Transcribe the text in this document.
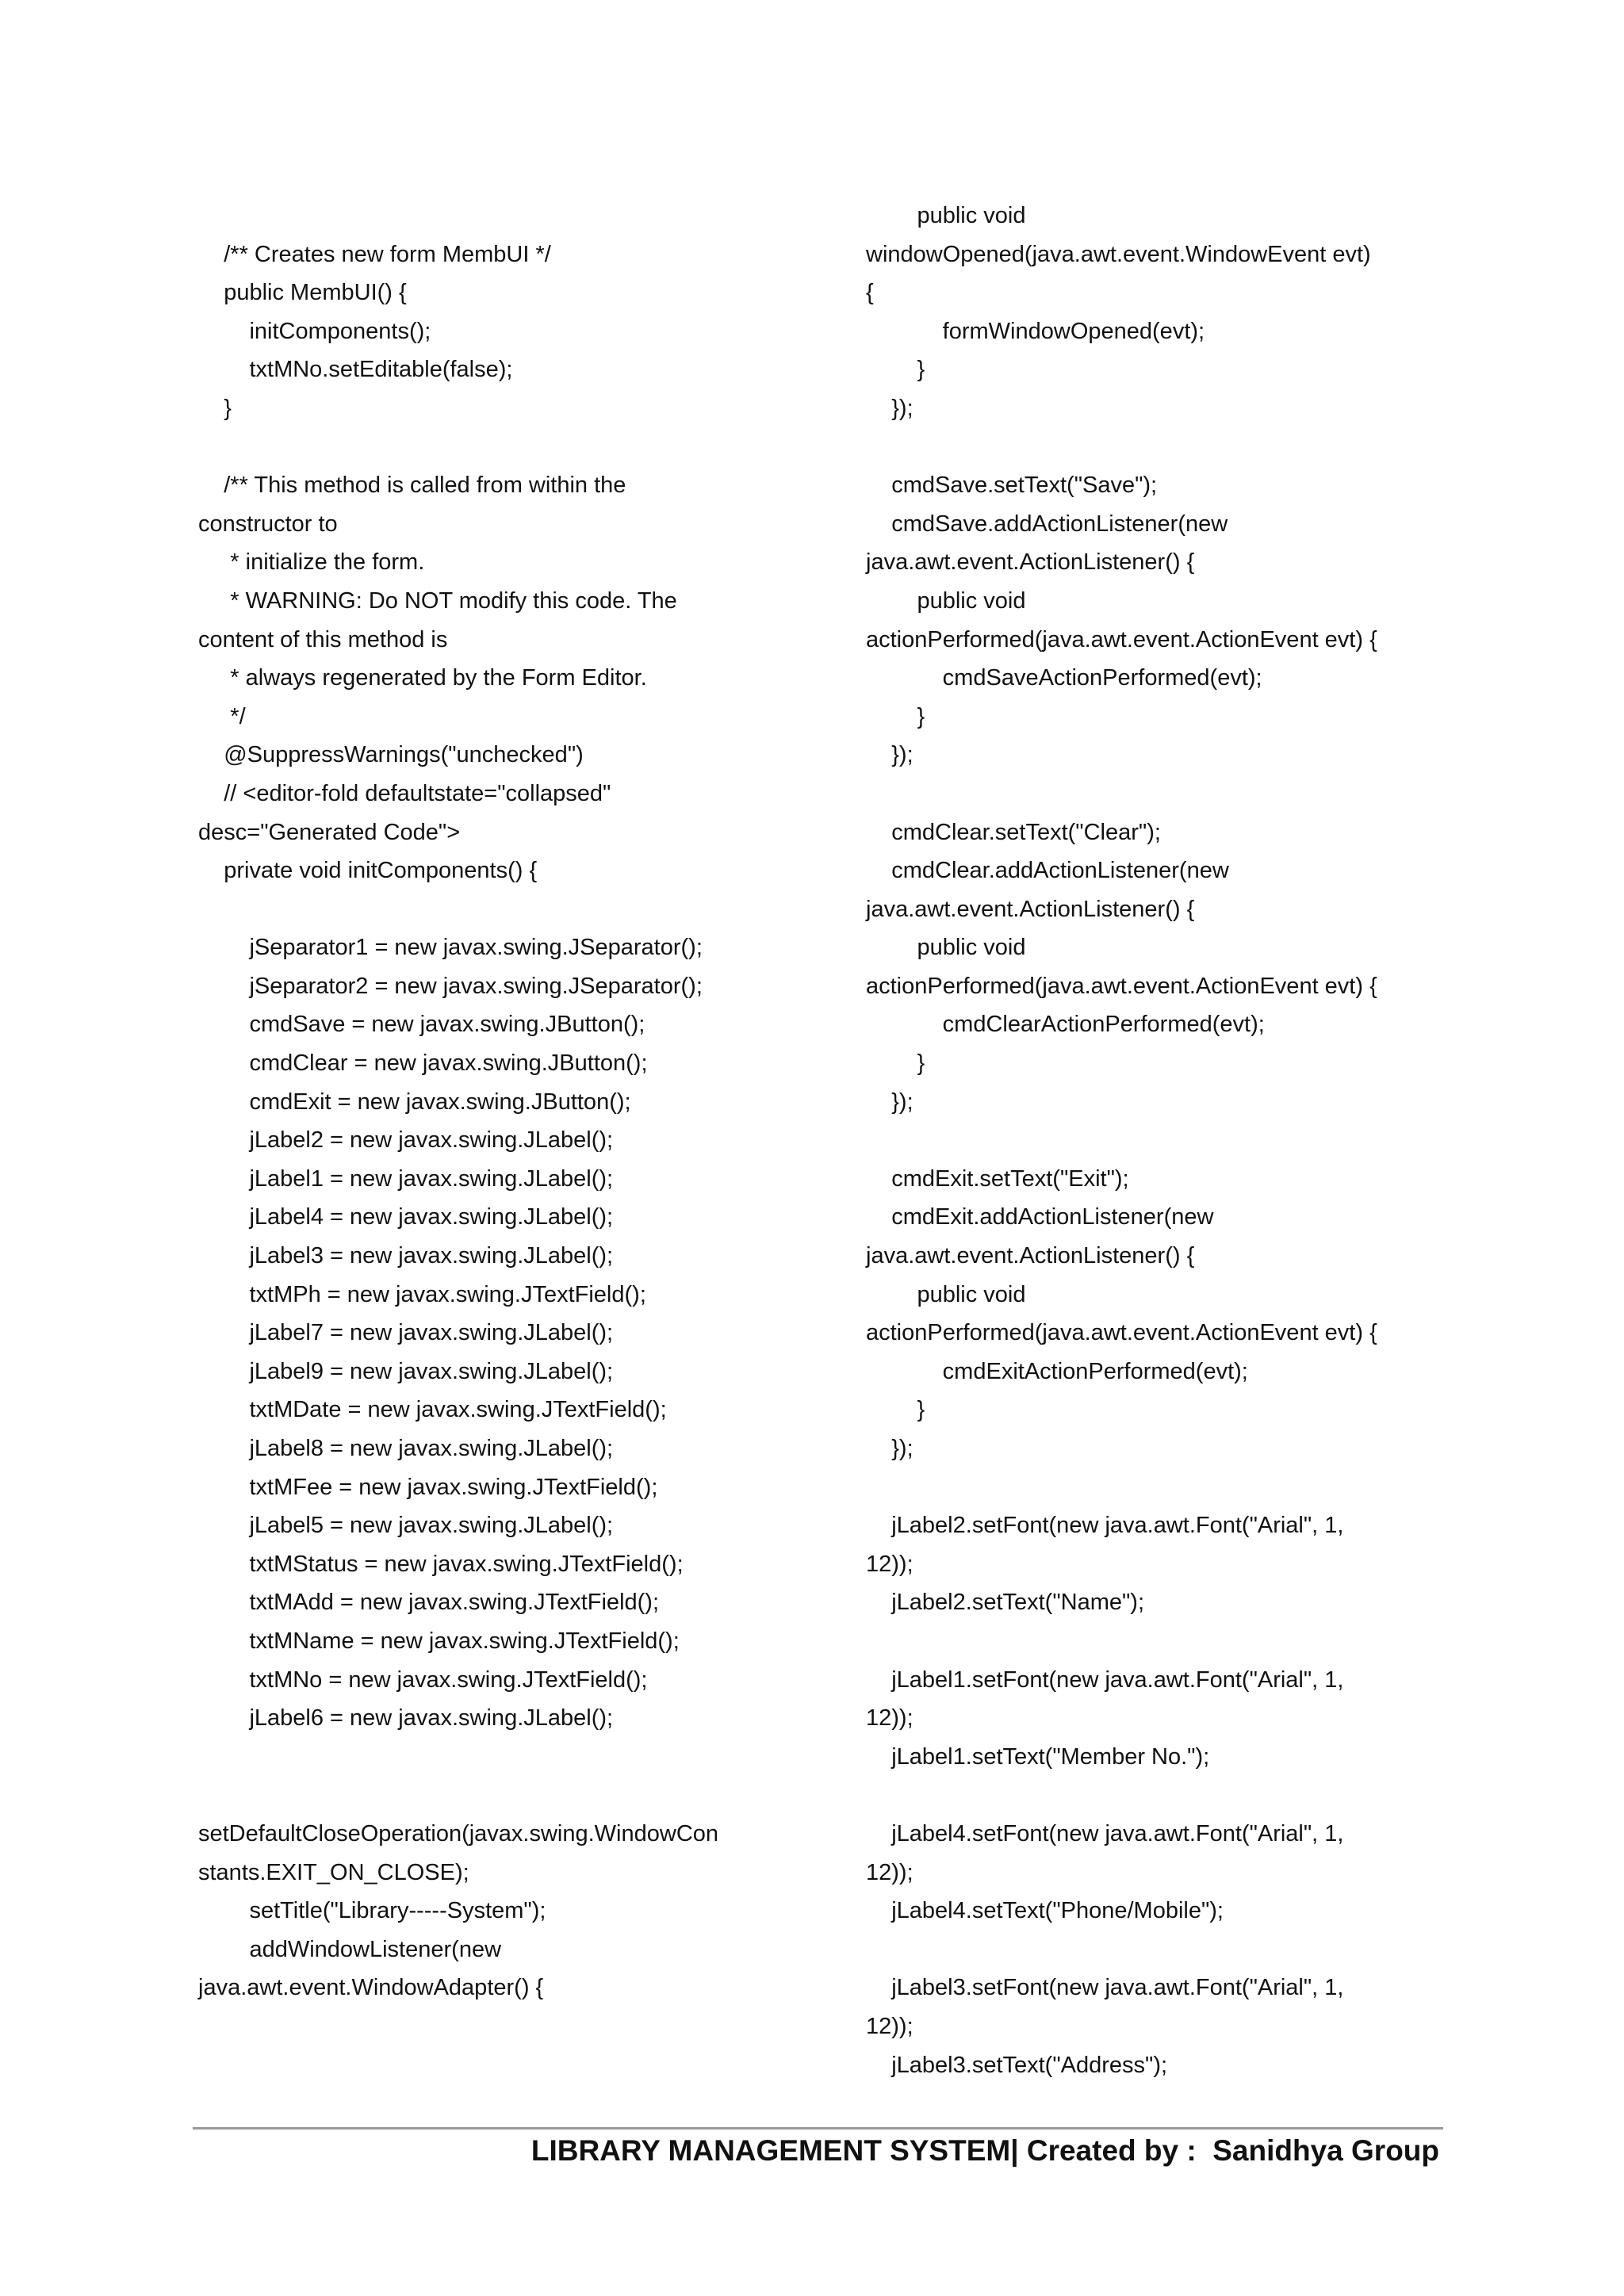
/** Creates new form MembUI */
public MembUI() {
initComponents();
txtMNo.setEditable(false);
}
/** This method is called from within the
constructor to
* initialize the form.
* WARNING: Do NOT modify this code. The
content of this method is
* always regenerated by the Form Editor.
*/
@SuppressWarnings("unchecked")
// <editor-fold defaultstate="collapsed"
desc="Generated Code">
private void initComponents() {
jSeparator1 = new javax.swing.JSeparator();
jSeparator2 = new javax.swing.JSeparator();
cmdSave = new javax.swing.JButton();
cmdClear = new javax.swing.JButton();
cmdExit = new javax.swing.JButton();
jLabel2 = new javax.swing.JLabel();
jLabel1 = new javax.swing.JLabel();
jLabel4 = new javax.swing.JLabel();
jLabel3 = new javax.swing.JLabel();
txtMPh = new javax.swing.JTextField();
jLabel7 = new javax.swing.JLabel();
jLabel9 = new javax.swing.JLabel();
txtMDate = new javax.swing.JTextField();
jLabel8 = new javax.swing.JLabel();
txtMFee = new javax.swing.JTextField();
jLabel5 = new javax.swing.JLabel();
txtMStatus = new javax.swing.JTextField();
txtMAdd = new javax.swing.JTextField();
txtMName = new javax.swing.JTextField();
txtMNo = new javax.swing.JTextField();
jLabel6 = new javax.swing.JLabel();
setDefaultCloseOperation(javax.swing.WindowCon
stants.EXIT_ON_CLOSE);
setTitle("Library-----System");
addWindowListener(new
java.awt.event.WindowAdapter() {
public void
windowOpened(java.awt.event.WindowEvent evt)
{
formWindowOpened(evt);
}
});
cmdSave.setText("Save");
cmdSave.addActionListener(new
java.awt.event.ActionListener() {
public void
actionPerformed(java.awt.event.ActionEvent evt) {
cmdSaveActionPerformed(evt);
}
});
cmdClear.setText("Clear");
cmdClear.addActionListener(new
java.awt.event.ActionListener() {
public void
actionPerformed(java.awt.event.ActionEvent evt) {
cmdClearActionPerformed(evt);
}
});
cmdExit.setText("Exit");
cmdExit.addActionListener(new
java.awt.event.ActionListener() {
public void
actionPerformed(java.awt.event.ActionEvent evt) {
cmdExitActionPerformed(evt);
}
});
jLabel2.setFont(new java.awt.Font("Arial", 1,
12));
jLabel2.setText("Name");
jLabel1.setFont(new java.awt.Font("Arial", 1,
12));
jLabel1.setText("Member No.");
jLabel4.setFont(new java.awt.Font("Arial", 1,
12));
jLabel4.setText("Phone/Mobile");
jLabel3.setFont(new java.awt.Font("Arial", 1,
12));
jLabel3.setText("Address");
LIBRARY MANAGEMENT SYSTEM| Created by :  Sanidhya Group
